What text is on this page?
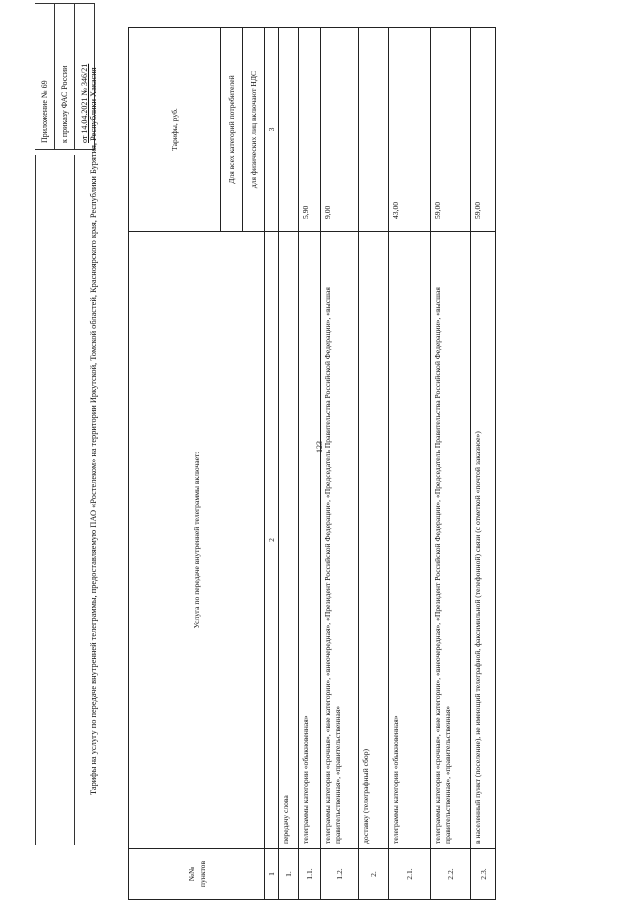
123
Приложение № 69	к приказу ФАС России	от 14.04.2021 № 346/21 Тарифы на услугу по передаче внутренней телеграммы, предоставляемую ПАО «Ростелеком» на территории Иркутской, Томской областей, Красноярского края, Республики Бурятия, Республики Хакасия
№№ пунктов	Услуга по передаче внутренней телеграммы включает:	Тарифы, руб.
		Для всех категорий потребителей
		для физических лиц включают НДС
1	2	3
1.	передачу слова	
1.1.	телеграммы категории «обыкновенная»	5,90
1.2.	телеграммы категории «срочная», «вне категории», «внеочередная», «Президент Российской Федерации», «Председатель Правительства Российской Федерации», «высшая правительственная», «правительственная»	9,00
2.	доставку (телеграфный сбор)	
2.1.	телеграммы категории «обыкновенная»	43,00
2.2.	телеграммы категории «срочная», «вне категории», «внеочередная», «Президент Российской Федерации», «Председатель Правительства Российской Федерации», «высшая правительственная», «правительственная»	59,00
2.3.	в населенный пункт (поселение), не имеющий телеграфной, факсимильной (телефонной) связи (с отметкой «почтой заказное»)	59,00
